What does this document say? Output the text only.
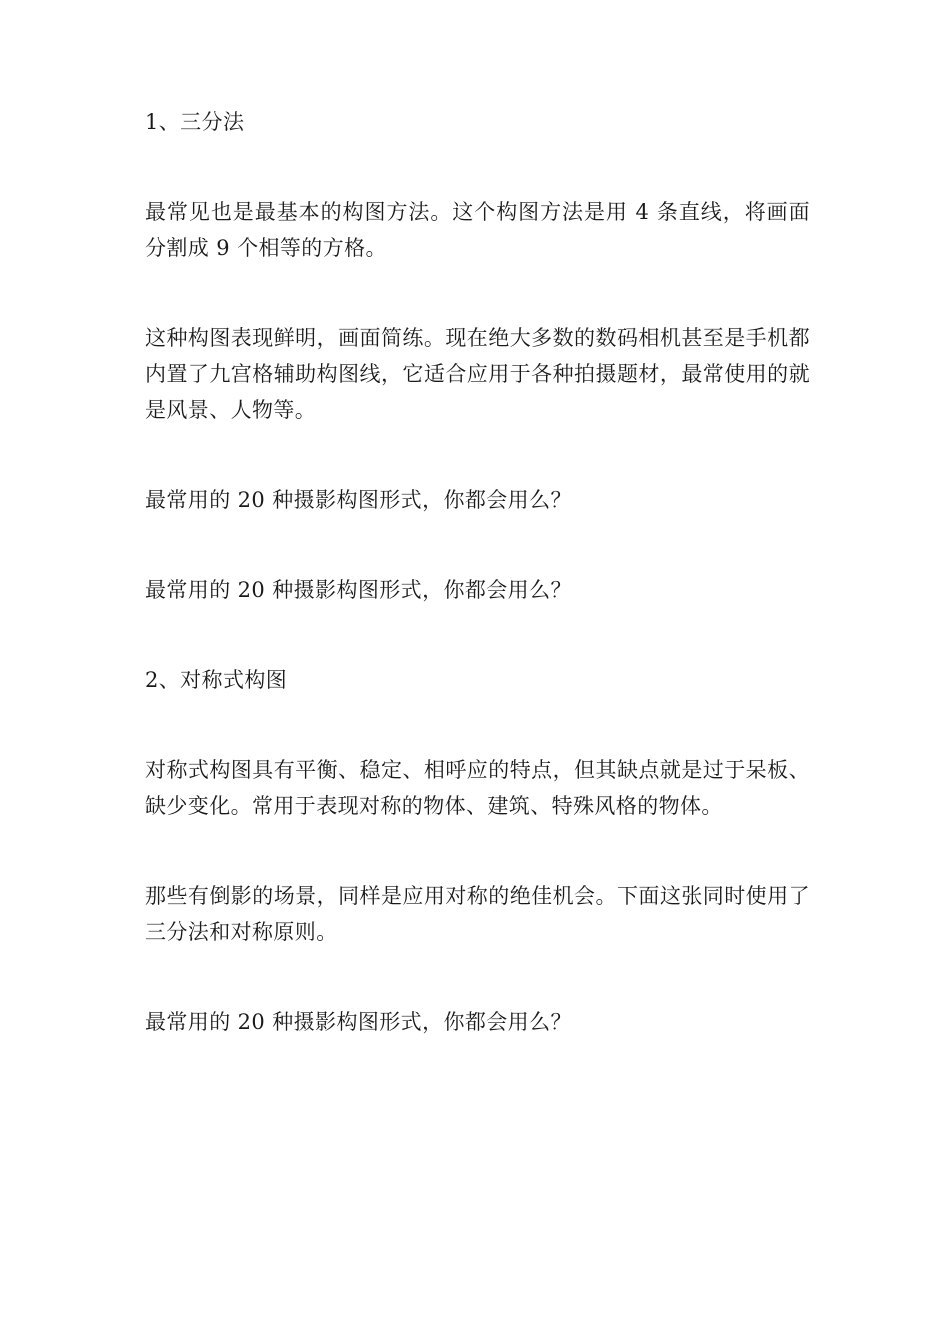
1、三分法

最常见也是最基本的构图方法。这个构图方法是用 4 条直线，将画面分割成 9 个相等的方格。

这种构图表现鲜明，画面简练。现在绝大多数的数码相机甚至是手机都内置了九宫格辅助构图线，它适合应用于各种拍摄题材，最常使用的就是风景、人物等。

最常用的 20 种摄影构图形式，你都会用么？

最常用的 20 种摄影构图形式，你都会用么？

2、对称式构图

对称式构图具有平衡、稳定、相呼应的特点，但其缺点就是过于呆板、缺少变化。常用于表现对称的物体、建筑、特殊风格的物体。

那些有倒影的场景，同样是应用对称的绝佳机会。下面这张同时使用了三分法和对称原则。

最常用的 20 种摄影构图形式，你都会用么？
